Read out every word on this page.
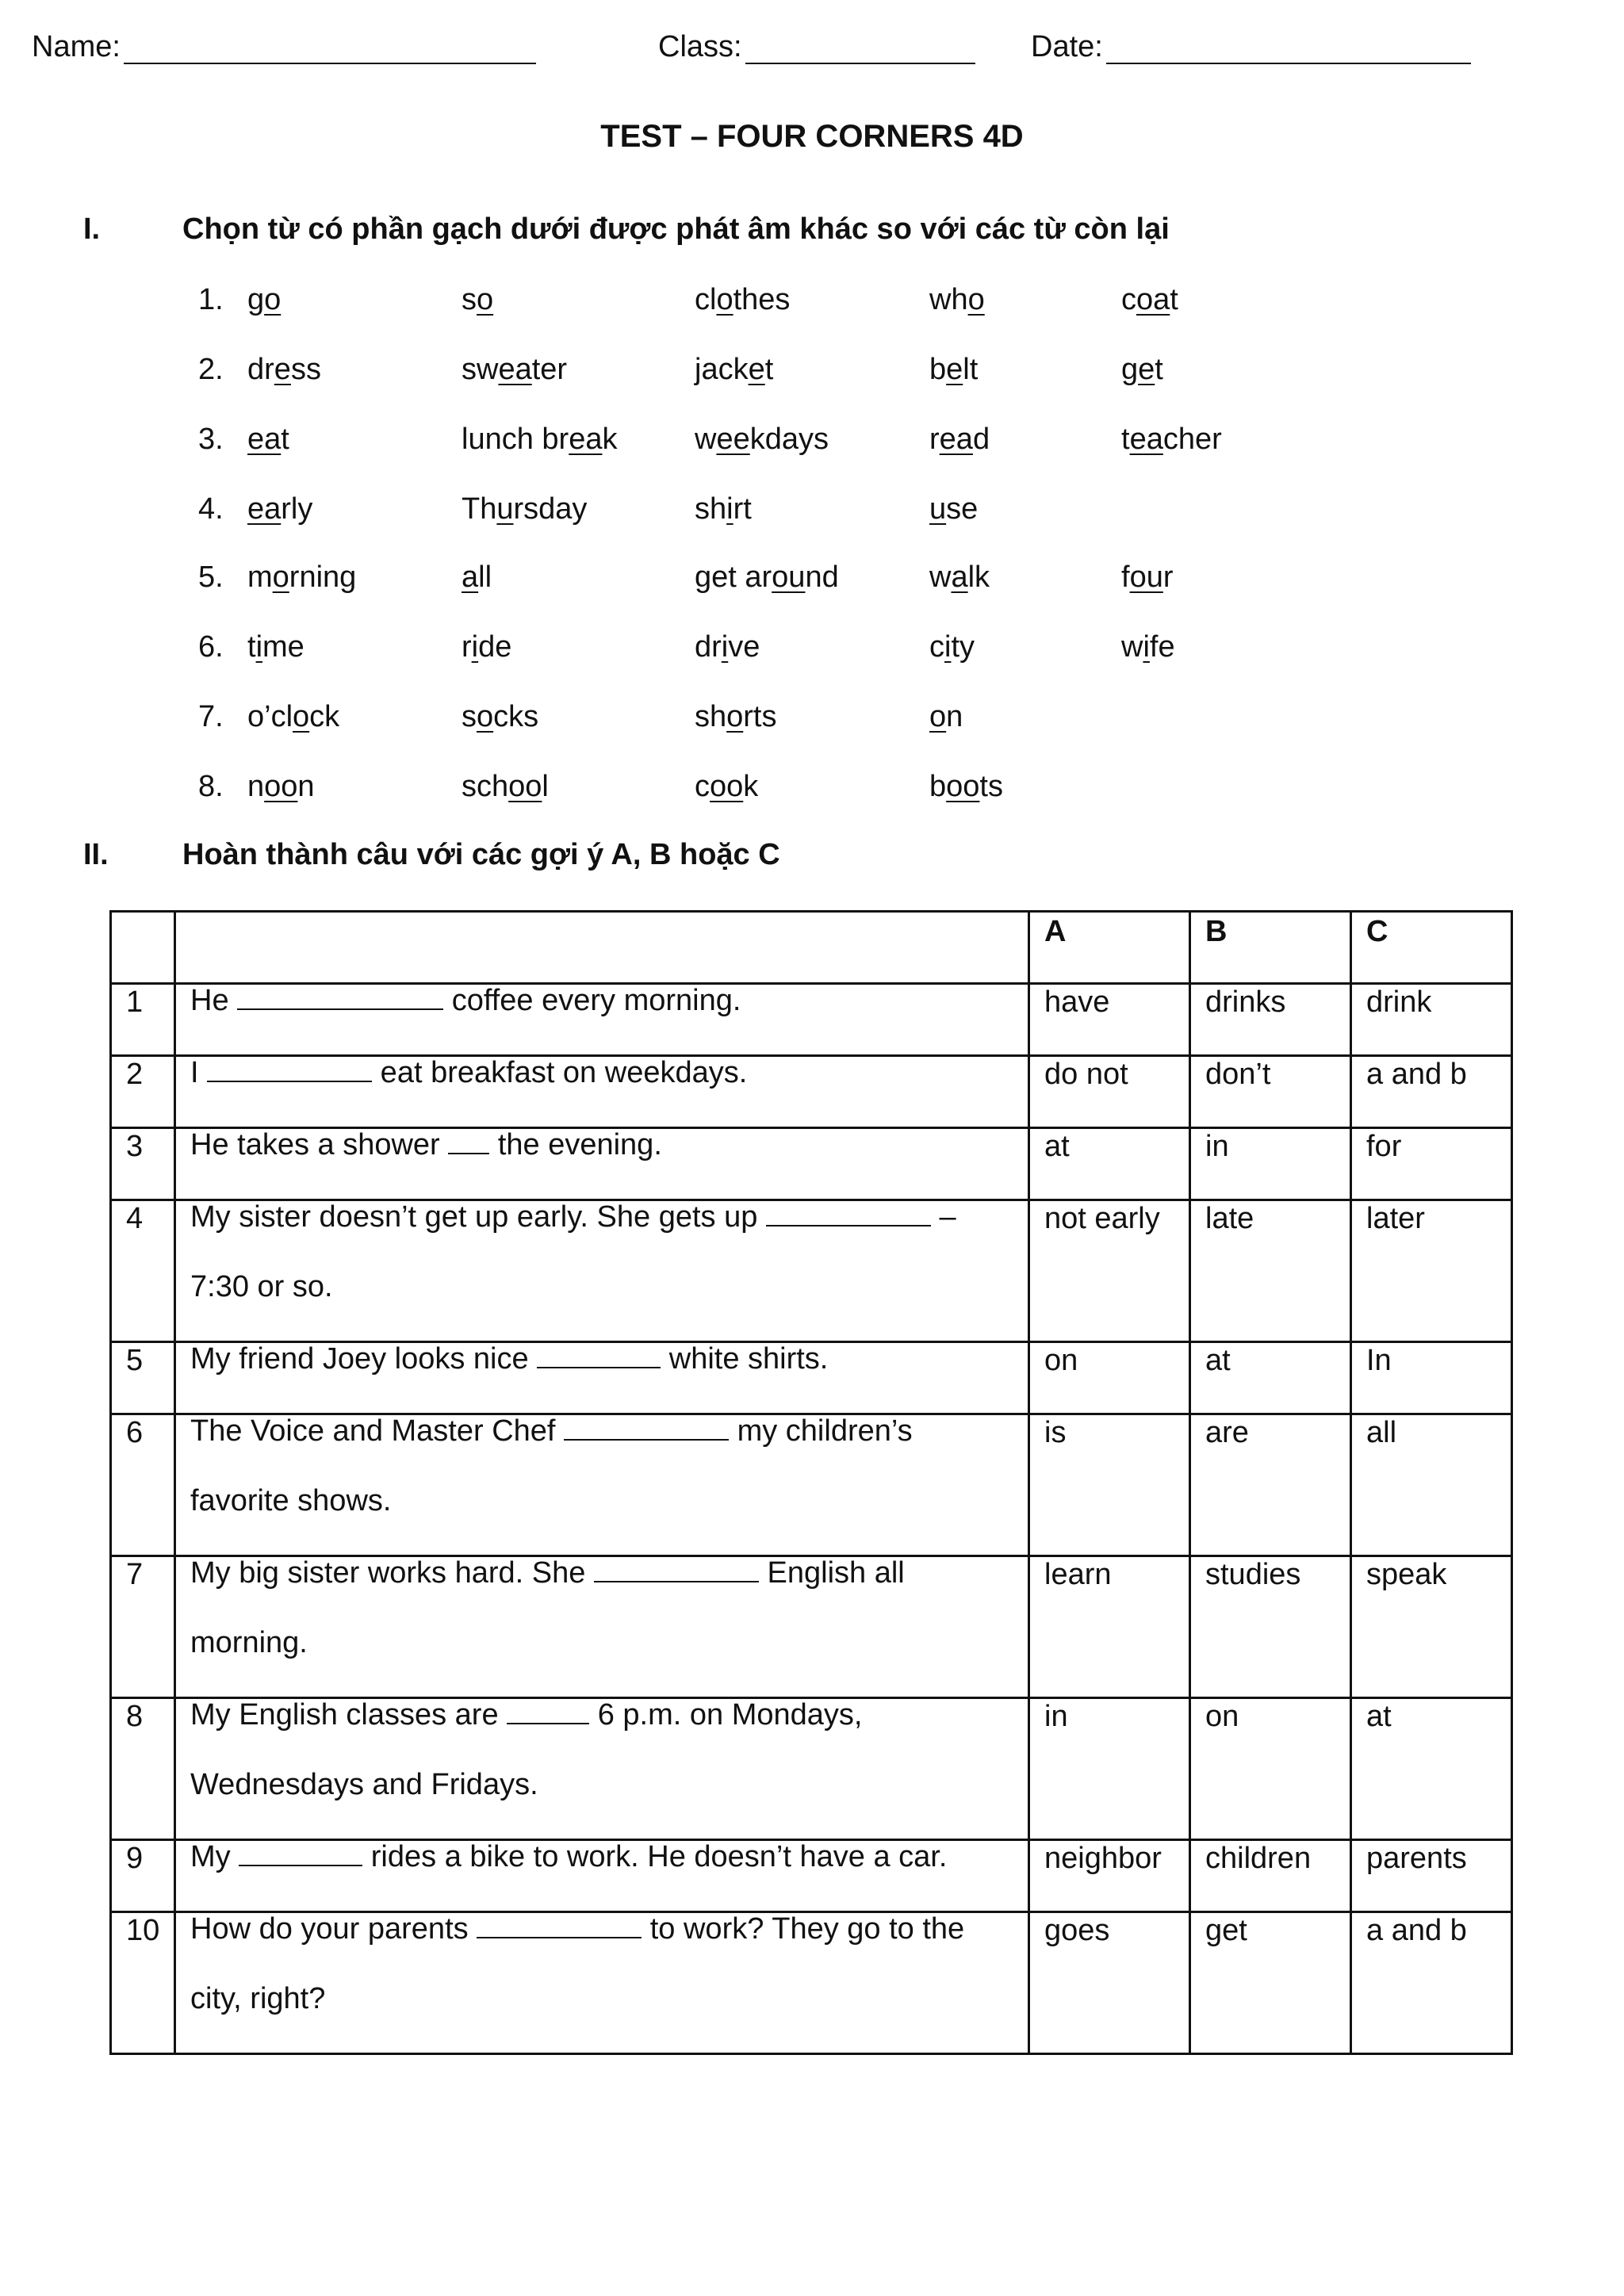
Name:	Class:	Date:
TEST – FOUR CORNERS 4D
I.	Chọn từ có phần gạch dưới được phát âm khác so với các từ còn lại
1. go	so	clothes	who	coat
2. dress	sweater	jacket	belt	get
3. eat	lunch break	weekdays	read	teacher
4. early	Thursday	shirt	use
5. morning	all	get around	walk	four
6. time	ride	drive	city	wife
7. o’clock	socks	shorts	on
8. noon	school	cook	boots
II. Hoàn thành câu với các gợi ý A, B hoặc C
		A	B	C
1	He coffee every morning.	have	drinks	drink
2	I eat breakfast on weekdays.	do not	don’t	a and b
3	He takes a shower  the evening.	at	in	for
4	My sister doesn’t get up early. She gets up – 7:30 or so.	not early	late	later
5	My friend Joey looks nice white shirts.	on	at	In
6	The Voice and Master Chef my children’s favorite shows.	is	are	all
7	My big sister works hard. She English all morning.	learn	studies	speak
8	My English classes are 6 p.m. on Mondays, Wednesdays and Fridays.	in	on	at
9	My rides a bike to work. He doesn’t have a car.	neighbor	children	parents
10	How do your parents to work? They go to the city, right?	goes	get	a and b
